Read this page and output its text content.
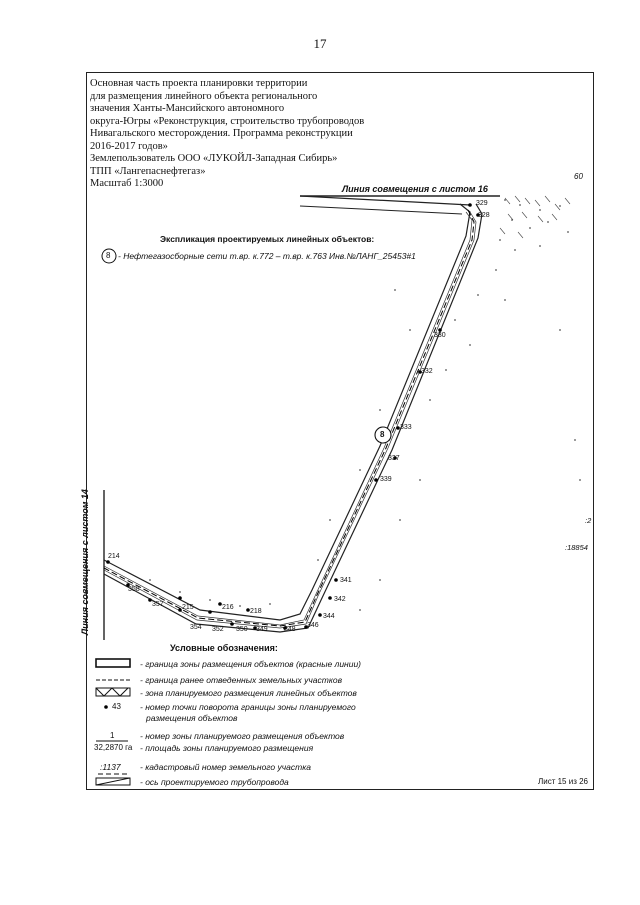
17
Основная часть проекта планировки территории
для размещения линейного объекта регионального
значения Ханты-Мансийского автономного
округа-Югры «Реконструкция, строительство трубопроводов
Нивагальского месторождения. Программа реконструкции
2016-2017 годов»
Землепользователь ООО «ЛУКОЙЛ-Западная Сибирь»
ТПП «Лангепаснефтегаз»
Масштаб 1:3000	Линия совмещения с листом 16
60
Экспликация проектируемых линейных объектов:
8 - Нефтегазосборные сети т.вр. к.772 – т.вр. к.763 Инв.№ЛАНГ_25453#1
8
:18854
:2
Линия совмещения с листом 14
329
328
330
332
333
337
339
341
342
344
346
348
349
350
352
354
357
358
214
215	216
218
Условные обозначения:
- граница зоны размещения объектов (красные линии)
- граница ранее отведенных земельных участков
- зона планируемого размещения линейных объектов
43 - номер точки поворота границы зоны планируемого
размещения объектов
1	- номер зоны планируемого размещения объектов
32,2870 га - площадь зоны планируемого размещения
:1137 - кадастровый номер земельного участка
- ось проектируемого трубопровода	Лист 15 из 26
